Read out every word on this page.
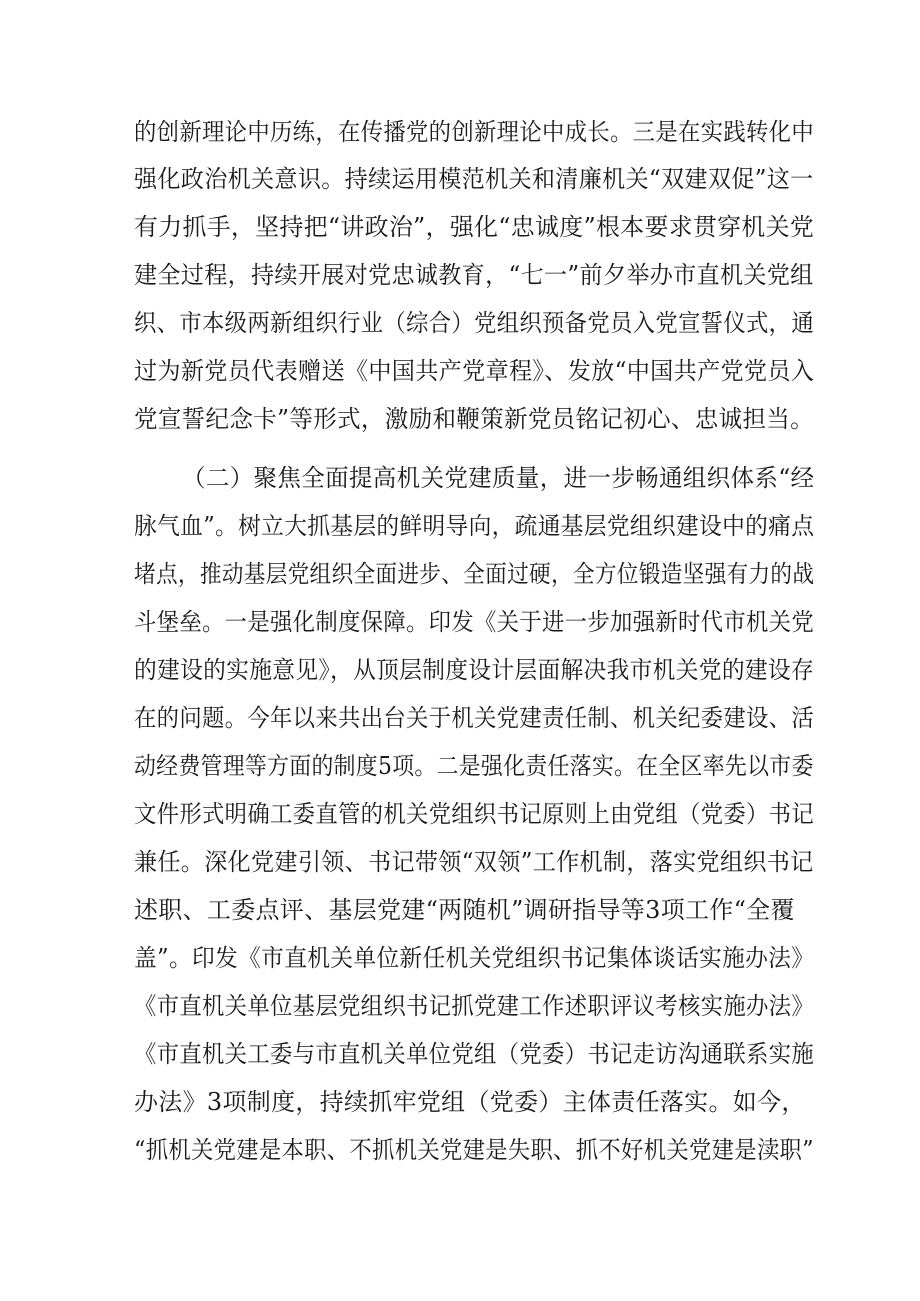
的创新理论中历练，在传播党的创新理论中成长。三是在实践转化中
强化政治机关意识。持续运用模范机关和清廉机关“双建双促”这一
有力抓手，坚持把“讲政治”，强化“忠诚度”根本要求贯穿机关党
建全过程，持续开展对党忠诚教育，“七一”前夕举办市直机关党组
织、市本级两新组织行业（综合）党组织预备党员入党宣誓仪式，通
过为新党员代表赠送《中国共产党章程》、发放“中国共产党党员入
党宣誓纪念卡”等形式，激励和鞭策新党员铭记初心、忠诚担当。
（二）聚焦全面提高机关党建质量，进一步畅通组织体系“经
脉气血”。树立大抓基层的鲜明导向，疏通基层党组织建设中的痛点
堵点，推动基层党组织全面进步、全面过硬，全方位锻造坚强有力的战
斗堡垒。一是强化制度保障。印发《关于进一步加强新时代市机关党
的建设的实施意见》，从顶层制度设计层面解决我市机关党的建设存
在的问题。今年以来共出台关于机关党建责任制、机关纪委建设、活
动经费管理等方面的制度5项。二是强化责任落实。在全区率先以市委
文件形式明确工委直管的机关党组织书记原则上由党组（党委）书记
兼任。深化党建引领、书记带领“双领”工作机制，落实党组织书记
述职、工委点评、基层党建“两随机”调研指导等3项工作“全覆
盖”。印发《市直机关单位新任机关党组织书记集体谈话实施办法》
《市直机关单位基层党组织书记抓党建工作述职评议考核实施办法》
《市直机关工委与市直机关单位党组（党委）书记走访沟通联系实施
办法》3项制度，持续抓牢党组（党委）主体责任落实。如今，
“抓机关党建是本职、不抓机关党建是失职、抓不好机关党建是渎职”
